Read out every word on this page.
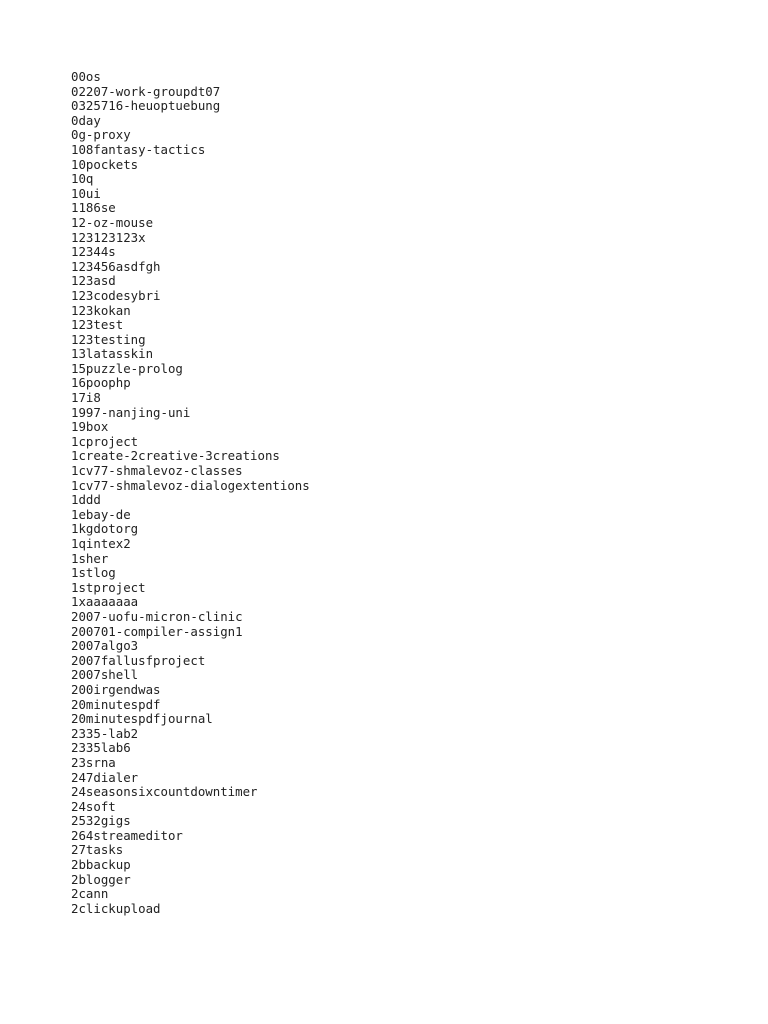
00os
02207-work-groupdt07
0325716-heuoptuebung
0day
0g-proxy
108fantasy-tactics
10pockets
10q
10ui
1186se
12-oz-mouse
123123123x
12344s
123456asdfgh
123asd
123codesybri
123kokan
123test
123testing
13latasskin
15puzzle-prolog
16poophp
17i8
1997-nanjing-uni
19box
1cproject
1create-2creative-3creations
1cv77-shmalevoz-classes
1cv77-shmalevoz-dialogextentions
1ddd
1ebay-de
1kgdotorg
1qintex2
1sher
1stlog
1stproject
1xaaaaaaa
2007-uofu-micron-clinic
200701-compiler-assign1
2007algo3
2007fallusfproject
2007shell
200irgendwas
20minutespdf
20minutespdfjournal
2335-lab2
2335lab6
23srna
247dialer
24seasonsixcountdowntimer
24soft
2532gigs
264streameditor
27tasks
2bbackup
2blogger
2cann
2clickupload
